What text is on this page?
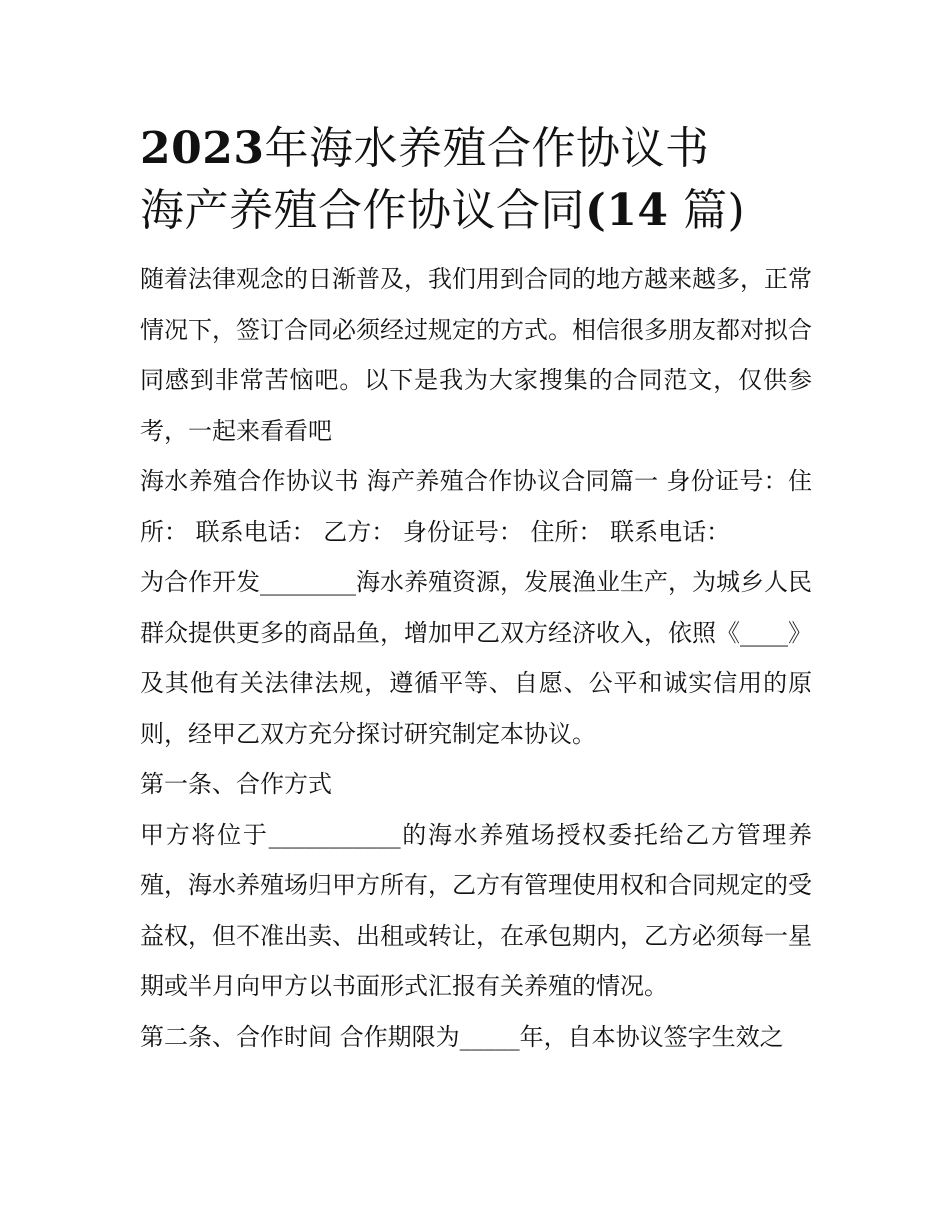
2023年海水养殖合作协议书
海产养殖合作协议合同(14 篇)

随着法律观念的日渐普及，我们用到合同的地方越来越多，正常情况下，签订合同必须经过规定的方式。相信很多朋友都对拟合同感到非常苦恼吧。以下是我为大家搜集的合同范文，仅供参考，一起来看看吧

海水养殖合作协议书 海产养殖合作协议合同篇一 身份证号：住所： 联系电话： 乙方： 身份证号： 住所： 联系电话：

为合作开发________海水养殖资源，发展渔业生产，为城乡人民群众提供更多的商品鱼，增加甲乙双方经济收入，依照《____》及其他有关法律法规，遵循平等、自愿、公平和诚实信用的原则，经甲乙双方充分探讨研究制定本协议。

第一条、合作方式

甲方将位于___________的海水养殖场授权委托给乙方管理养殖，海水养殖场归甲方所有，乙方有管理使用权和合同规定的受益权，但不准出卖、出租或转让，在承包期内，乙方必须每一星期或半月向甲方以书面形式汇报有关养殖的情况。

第二条、合作时间 合作期限为_____年，自本协议签字生效之
